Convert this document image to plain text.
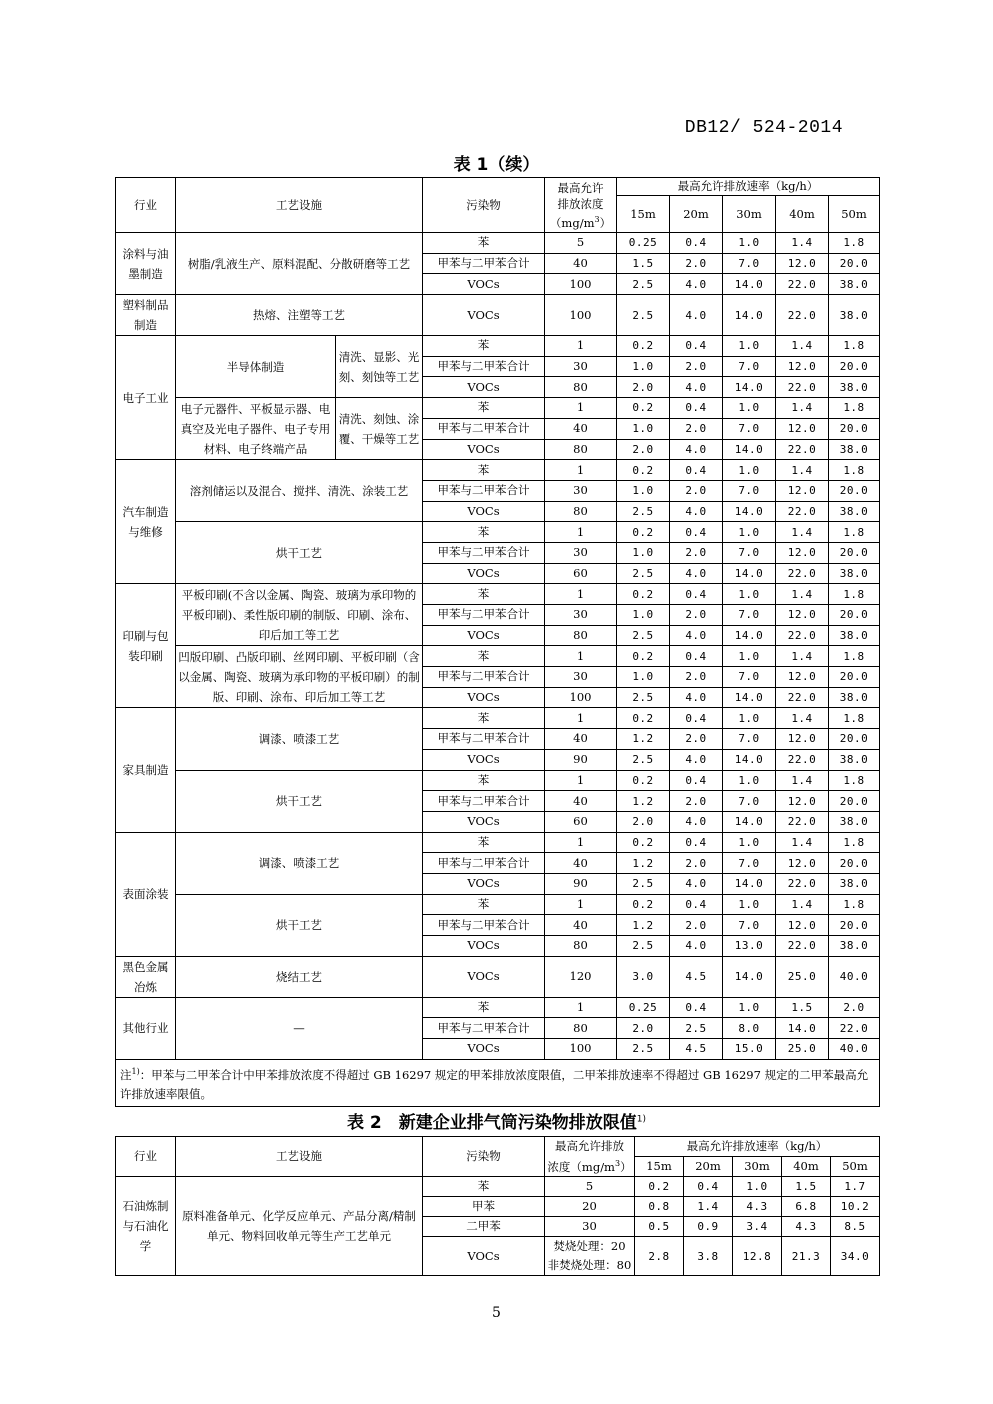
DB12/ 524-2014
表 1（续）
行业	工艺设施		污染物	最高允许
排放浓度
$(mg/m^3)$	最高允许排放速率（kg/h）				
					15m	20m	30m	40m	50m
涂料与油墨制造	树脂/乳液生产、原料混配、分散研磨等工艺		苯	5	0.25	0.4	1.0	1.4	1.8
			甲苯与二甲苯合计	40	1.5	2.0	7.0	12.0	20.0
			VOCs	100	2.5	4.0	14.0	22.0	38.0
塑料制品制造	热熔、注塑等工艺		VOCs	100	2.5	4.0	14.0	22.0	38.0
电子工业	半导体制造	清洗、显影、光刻、刻蚀等工艺	苯	1	0.2	0.4	1.0	1.4	1.8
			甲苯与二甲苯合计	30	1.0	2.0	7.0	12.0	20.0
			VOCs	80	2.0	4.0	14.0	22.0	38.0
	电子元器件、平板显示器、电真空及光电子器件、电子专用材料、电子终端产品	清洗、刻蚀、涂覆、干燥等工艺	苯	1	0.2	0.4	1.0	1.4	1.8
			甲苯与二甲苯合计	40	1.0	2.0	7.0	12.0	20.0
			VOCs	80	2.0	4.0	14.0	22.0	38.0
汽车制造与维修	溶剂储运以及混合、搅拌、清洗、涂装工艺		苯	1	0.2	0.4	1.0	1.4	1.8
			甲苯与二甲苯合计	30	1.0	2.0	7.0	12.0	20.0
			VOCs	80	2.5	4.0	14.0	22.0	38.0
	烘干工艺		苯	1	0.2	0.4	1.0	1.4	1.8
			甲苯与二甲苯合计	30	1.0	2.0	7.0	12.0	20.0
			VOCs	60	2.5	4.0	14.0	22.0	38.0
印刷与包装印刷	平板印刷(不含以金属、陶瓷、玻璃为承印物的平板印刷)、柔性版印刷的制版、印刷、涂布、印后加工等工艺		苯	1	0.2	0.4	1.0	1.4	1.8
			甲苯与二甲苯合计	30	1.0	2.0	7.0	12.0	20.0
			VOCs	80	2.5	4.0	14.0	22.0	38.0
	凹版印刷、凸版印刷、丝网印刷、平板印刷（含以金属、陶瓷、玻璃为承印物的平板印刷）的制版、印刷、涂布、印后加工等工艺		苯	1	0.2	0.4	1.0	1.4	1.8
			甲苯与二甲苯合计	30	1.0	2.0	7.0	12.0	20.0
			VOCs	100	2.5	4.0	14.0	22.0	38.0
家具制造	调漆、喷漆工艺		苯	1	0.2	0.4	1.0	1.4	1.8
			甲苯与二甲苯合计	40	1.2	2.0	7.0	12.0	20.0
			VOCs	90	2.5	4.0	14.0	22.0	38.0
	烘干工艺		苯	1	0.2	0.4	1.0	1.4	1.8
			甲苯与二甲苯合计	40	1.2	2.0	7.0	12.0	20.0
			VOCs	60	2.0	4.0	14.0	22.0	38.0
表面涂装	调漆、喷漆工艺		苯	1	0.2	0.4	1.0	1.4	1.8
			甲苯与二甲苯合计	40	1.2	2.0	7.0	12.0	20.0
			VOCs	90	2.5	4.0	14.0	22.0	38.0
	烘干工艺		苯	1	0.2	0.4	1.0	1.4	1.8
			甲苯与二甲苯合计	40	1.2	2.0	7.0	12.0	20.0
			VOCs	80	2.5	4.0	13.0	22.0	38.0
黑色金属冶炼	烧结工艺		VOCs	120	3.0	4.5	14.0	25.0	40.0
其他行业	—		苯	1	0.25	0.4	1.0	1.5	2.0
			甲苯与二甲苯合计	80	2.0	2.5	8.0	14.0	22.0
			VOCs	100	2.5	4.5	15.0	25.0	40.0
注$^{1)}$：甲苯与二甲苯合计中甲苯排放浓度不得超过 GB 16297 规定的甲苯排放浓度限值，二甲苯排放速率不得超过 GB 16297 规定的二甲苯最高允许排放速率限值。									
表 2　新建企业排气筒污染物排放限值$^{1)}$
行业	工艺设施	污染物	最高允许排放
浓度$(mg/m^3)$	最高允许排放速率（kg/h）				
				15m	20m	30m	40m	50m
石油炼制与石油化学	原料准备单元、化学反应单元、产品分离/精制单元、物料回收单元等生产工艺单元	苯	5	0.2	0.4	1.0	1.5	1.7
		甲苯	20	0.8	1.4	4.3	6.8	10.2
		二甲苯	30	0.5	0.9	3.4	4.3	8.5
		VOCs	焚烧处理：20
非焚烧处理：80	2.8	3.8	12.8	21.3	34.0
5
